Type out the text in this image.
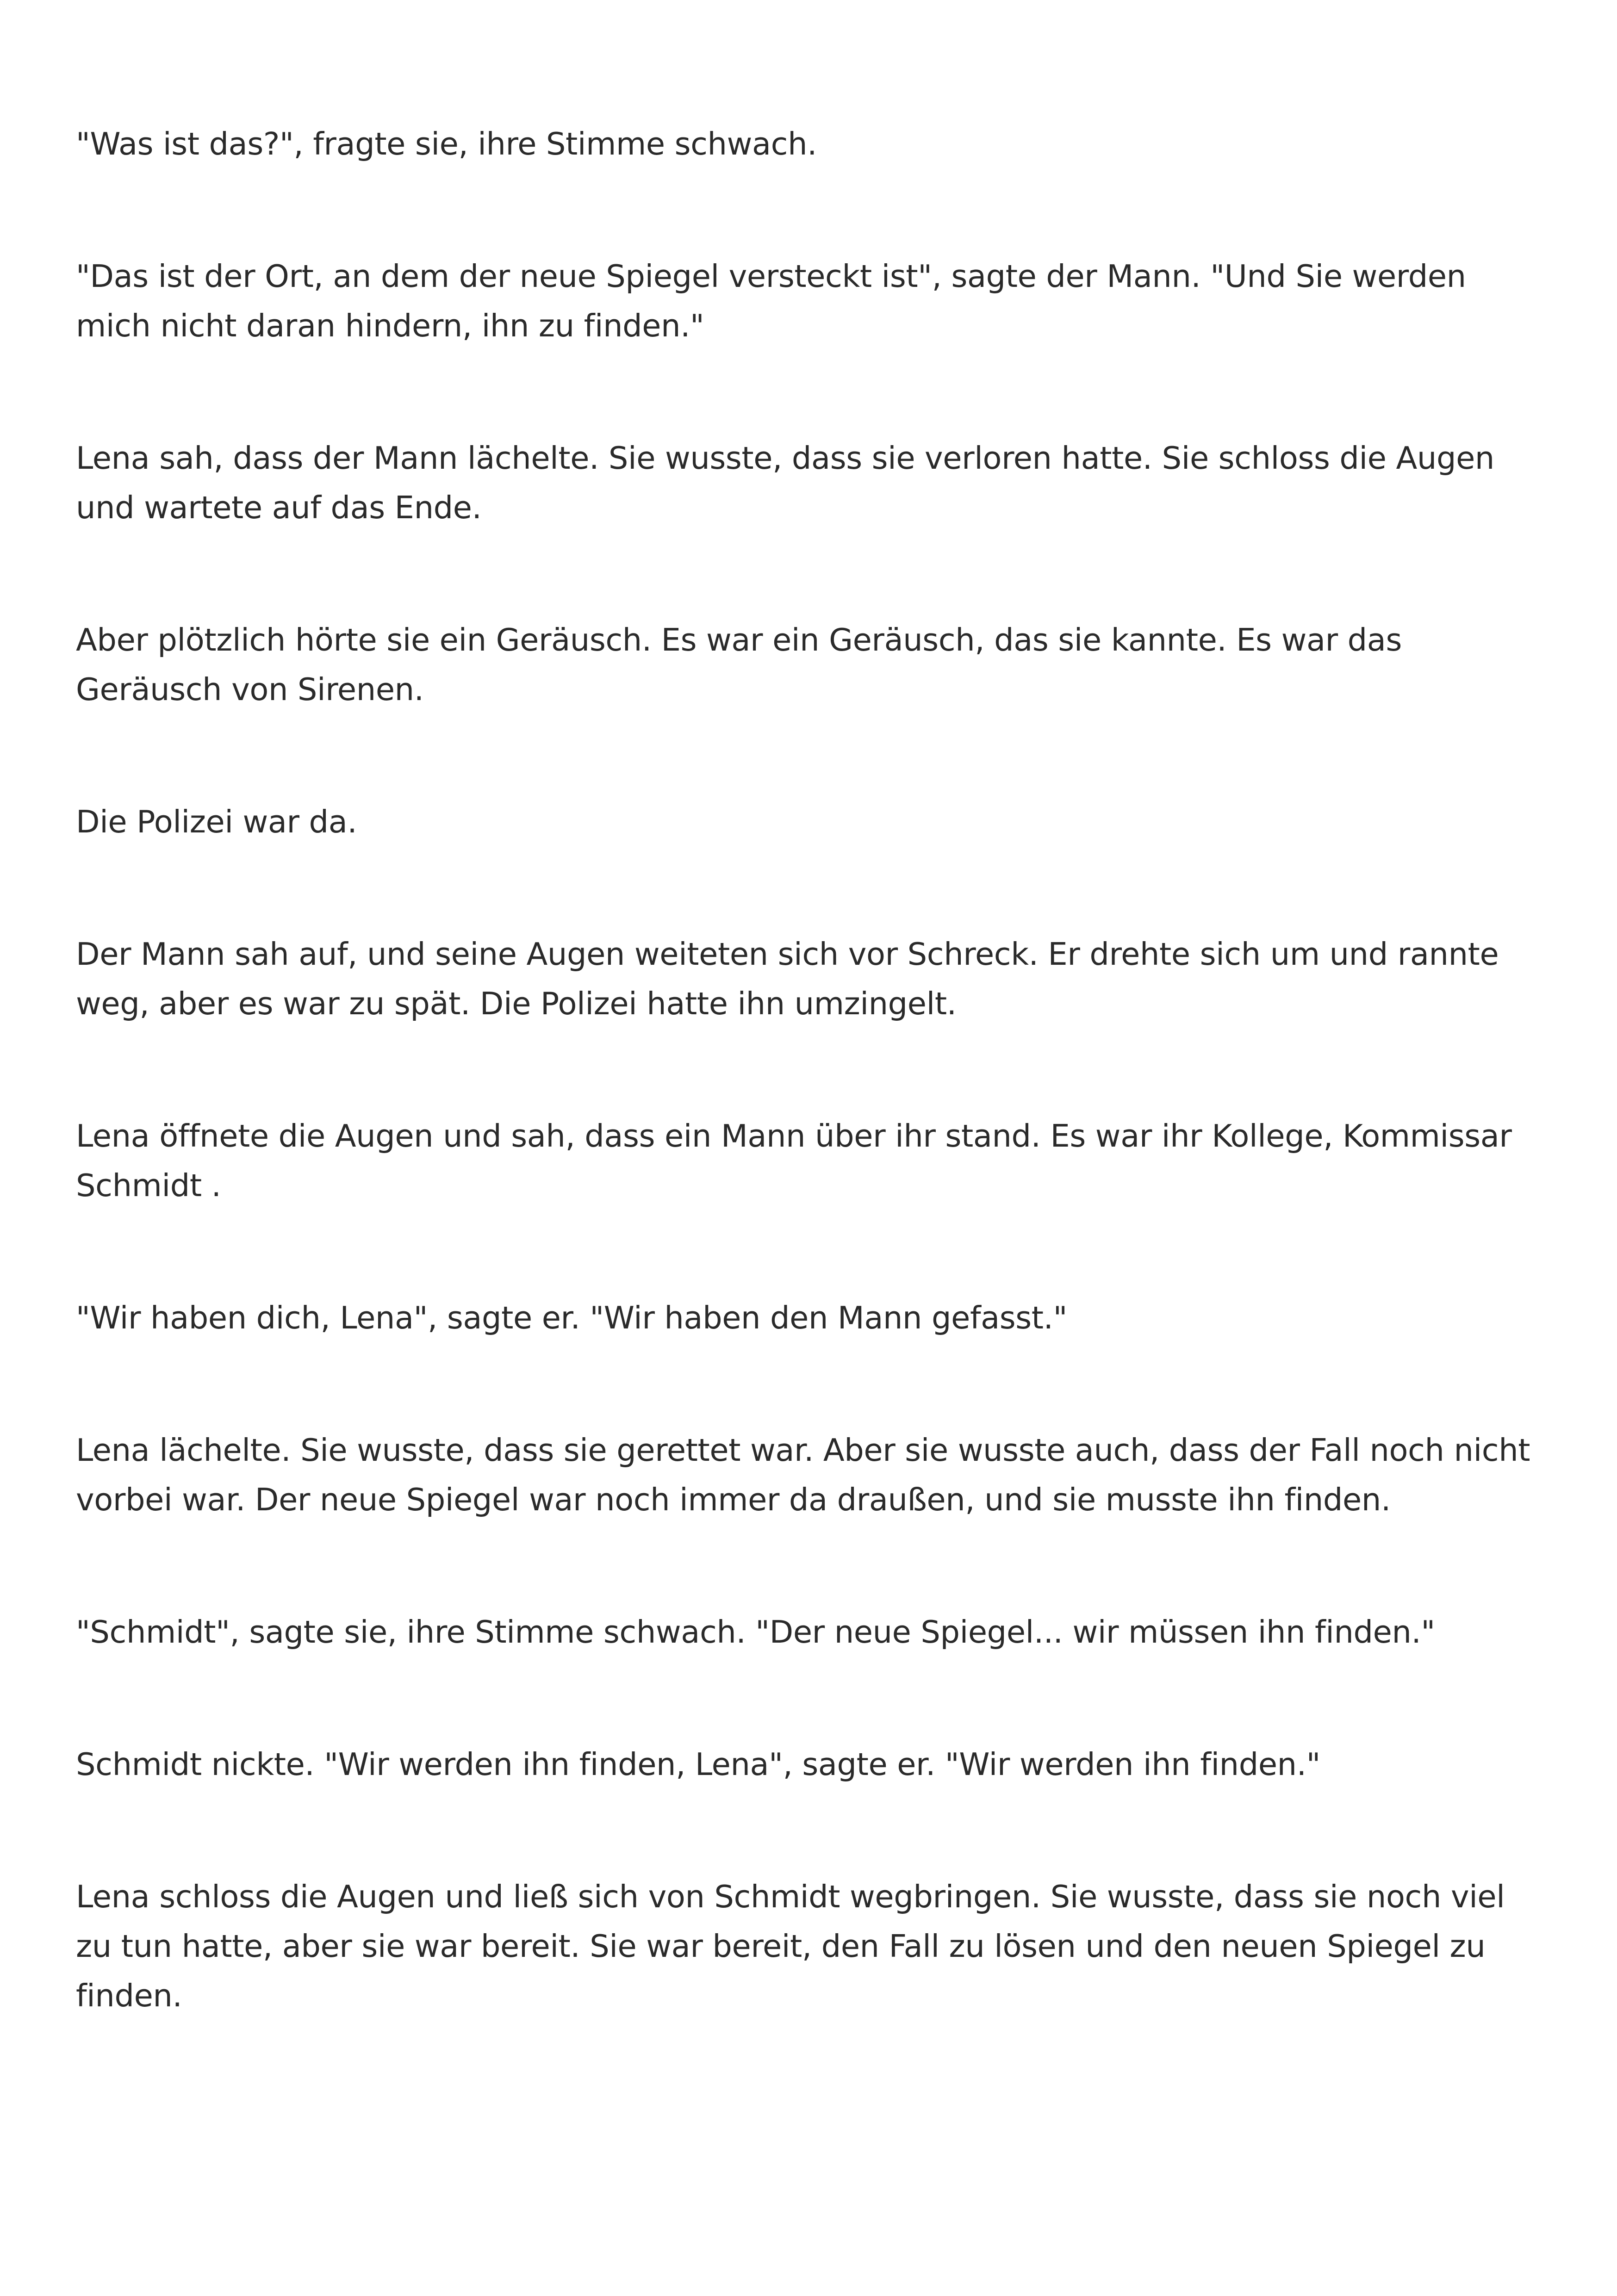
"Was ist das?", fragte sie, ihre Stimme schwach.

"Das ist der Ort, an dem der neue Spiegel versteckt ist", sagte der Mann. "Und Sie werden mich nicht daran hindern, ihn zu finden."

Lena sah, dass der Mann lächelte. Sie wusste, dass sie verloren hatte. Sie schloss die Augen und wartete auf das Ende.

Aber plötzlich hörte sie ein Geräusch. Es war ein Geräusch, das sie kannte. Es war das Geräusch von Sirenen.

Die Polizei war da.

Der Mann sah auf, und seine Augen weiteten sich vor Schreck. Er drehte sich um und rannte weg, aber es war zu spät. Die Polizei hatte ihn umzingelt.

Lena öffnete die Augen und sah, dass ein Mann über ihr stand. Es war ihr Kollege, Kommissar Schmidt .

"Wir haben dich, Lena", sagte er. "Wir haben den Mann gefasst."

Lena lächelte. Sie wusste, dass sie gerettet war. Aber sie wusste auch, dass der Fall noch nicht vorbei war. Der neue Spiegel war noch immer da draußen, und sie musste ihn finden.

"Schmidt", sagte sie, ihre Stimme schwach. "Der neue Spiegel... wir müssen ihn finden."

Schmidt nickte. "Wir werden ihn finden, Lena", sagte er. "Wir werden ihn finden."

Lena schloss die Augen und ließ sich von Schmidt wegbringen. Sie wusste, dass sie noch viel zu tun hatte, aber sie war bereit. Sie war bereit, den Fall zu lösen und den neuen Spiegel zu finden.
